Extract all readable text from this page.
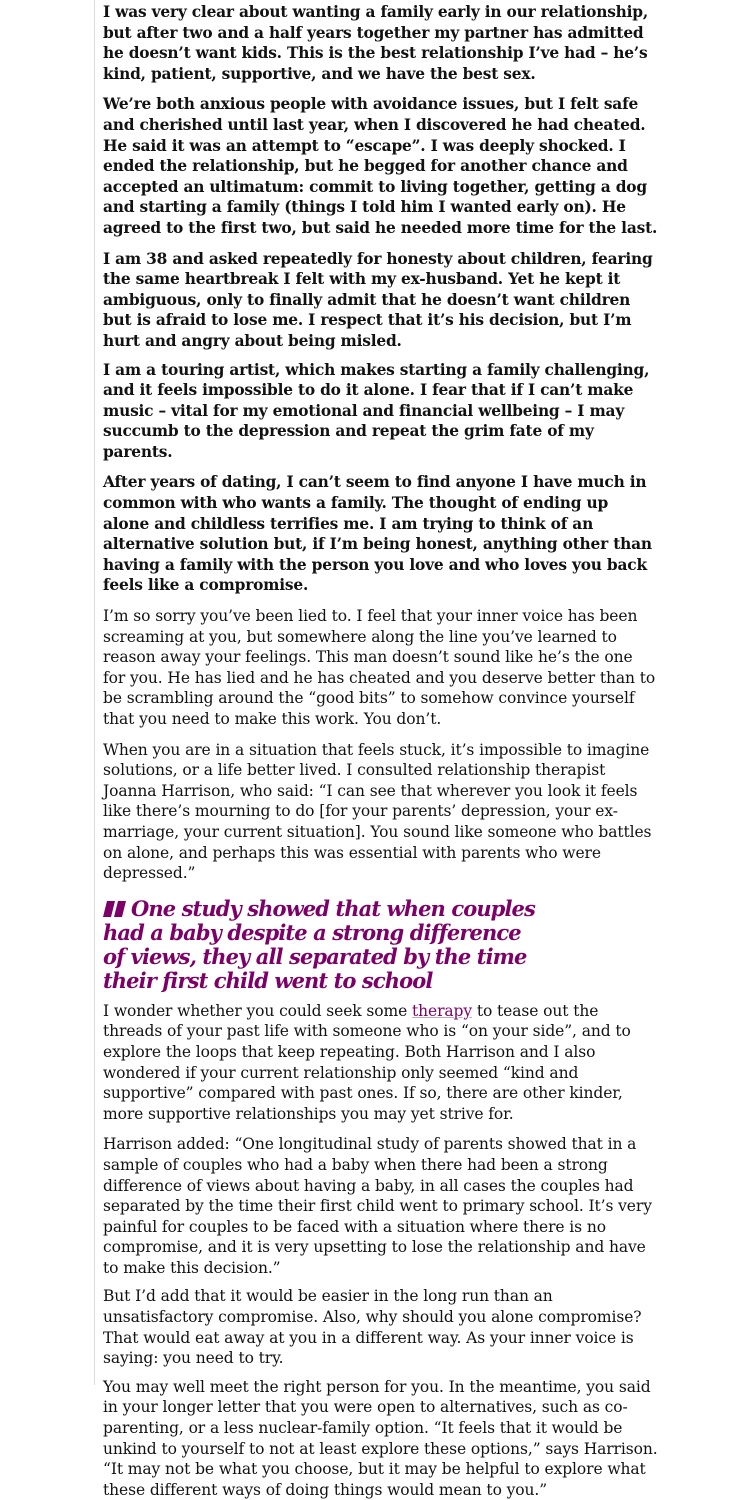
I was very clear about wanting a family early in our relationship, but after two and a half years together my partner has admitted he doesn’t want kids. This is the best relationship I’ve had – he’s kind, patient, supportive, and we have the best sex.

We’re both anxious people with avoidance issues, but I felt safe and cherished until last year, when I discovered he had cheated. He said it was an attempt to “escape”. I was deeply shocked. I ended the relationship, but he begged for another chance and accepted an ultimatum: commit to living together, getting a dog and starting a family (things I told him I wanted early on). He agreed to the first two, but said he needed more time for the last.

I am 38 and asked repeatedly for honesty about children, fearing the same heartbreak I felt with my ex-husband. Yet he kept it ambiguous, only to finally admit that he doesn’t want children but is afraid to lose me. I respect that it’s his decision, but I’m hurt and angry about being misled.

I am a touring artist, which makes starting a family challenging, and it feels impossible to do it alone. I fear that if I can’t make music – vital for my emotional and financial wellbeing – I may succumb to the depression and repeat the grim fate of my parents.

After years of dating, I can’t seem to find anyone I have much in common with who wants a family. The thought of ending up alone and childless terrifies me. I am trying to think of an alternative solution but, if I’m being honest, anything other than having a family with the person you love and who loves you back feels like a compromise.

I’m so sorry you’ve been lied to. I feel that your inner voice has been screaming at you, but somewhere along the line you’ve learned to reason away your feelings. This man doesn’t sound like he’s the one for you. He has lied and he has cheated and you deserve better than to be scrambling around the “good bits” to somehow convince yourself that you need to make this work. You don’t.

When you are in a situation that feels stuck, it’s impossible to imagine solutions, or a life better lived. I consulted relationship therapist Joanna Harrison, who said: “I can see that wherever you look it feels like there’s mourning to do [for your parents’ depression, your ex-marriage, your current situation]. You sound like someone who battles on alone, and perhaps this was essential with parents who were depressed.”

One study showed that when couples had a baby despite a strong difference of views, they all separated by the time their first child went to school

I wonder whether you could seek some therapy to tease out the threads of your past life with someone who is “on your side”, and to explore the loops that keep repeating. Both Harrison and I also wondered if your current relationship only seemed “kind and supportive” compared with past ones. If so, there are other kinder, more supportive relationships you may yet strive for.

Harrison added: “One longitudinal study of parents showed that in a sample of couples who had a baby when there had been a strong difference of views about having a baby, in all cases the couples had separated by the time their first child went to primary school. It’s very painful for couples to be faced with a situation where there is no compromise, and it is very upsetting to lose the relationship and have to make this decision.”

But I’d add that it would be easier in the long run than an unsatisfactory compromise. Also, why should you alone compromise? That would eat away at you in a different way. As your inner voice is saying: you need to try.

You may well meet the right person for you. In the meantime, you said in your longer letter that you were open to alternatives, such as co-parenting, or a less nuclear-family option. “It feels that it would be unkind to yourself to not at least explore these options,” says Harrison. “It may not be what you choose, but it may be helpful to explore what these different ways of doing things would mean to you.”
